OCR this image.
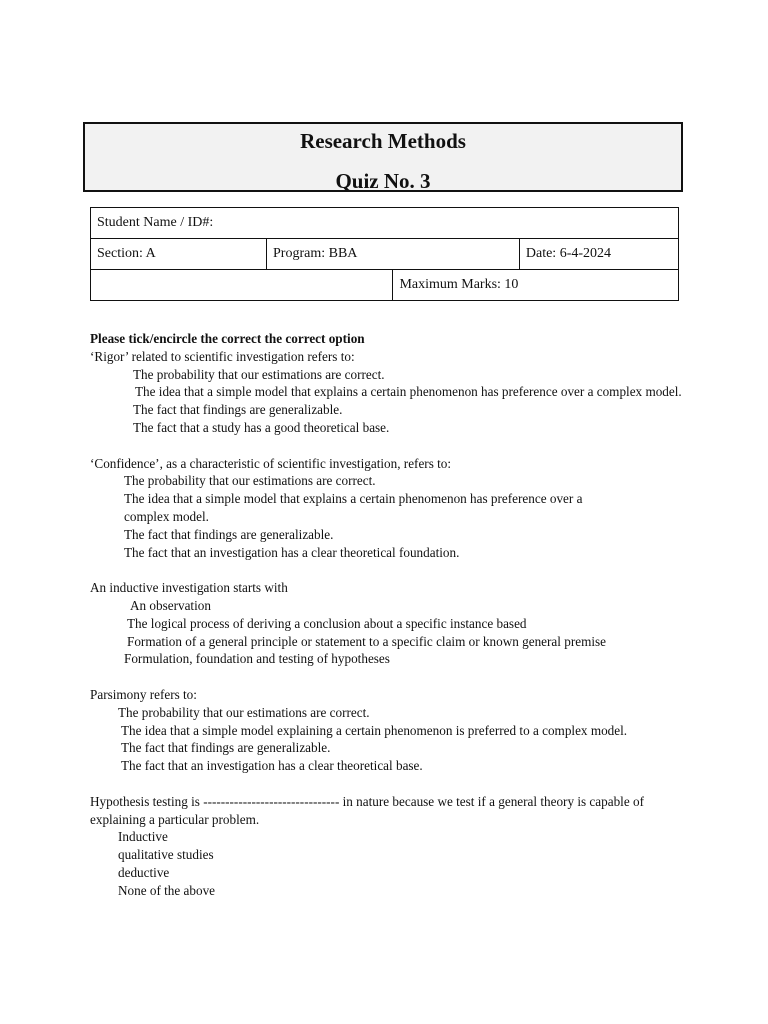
Research Methods
Quiz No. 3
Student Name / ID#:			
Section: A	Program: BBA		Date: 6-4-2024
		Maximum Marks: 10	

Please tick/encircle the correct the correct option

‘Rigor’ related to scientific investigation refers to:

The probability that our estimations are correct.
The idea that a simple model that explains a certain phenomenon has preference over a complex model.
The fact that findings are generalizable.
The fact that a study has a good theoretical base.

‘Confidence’, as a characteristic of scientific investigation, refers to:

The probability that our estimations are correct.
The idea that a simple model that explains a certain phenomenon has preference over a complex model.
The fact that findings are generalizable.
The fact that an investigation has a clear theoretical foundation.

An inductive investigation starts with

An observation
The logical process of deriving a conclusion about a specific instance based
Formation of a general principle or statement to a specific claim or known general premise
Formulation, foundation and testing of hypotheses

Parsimony refers to:

The probability that our estimations are correct.
The idea that a simple model explaining a certain phenomenon is preferred to a complex model.
The fact that findings are generalizable.
The fact that an investigation has a clear theoretical base.

Hypothesis testing is ------------------------------- in nature because we test if a general theory is capable of explaining a particular problem.

Inductive
qualitative studies
deductive
None of the above
